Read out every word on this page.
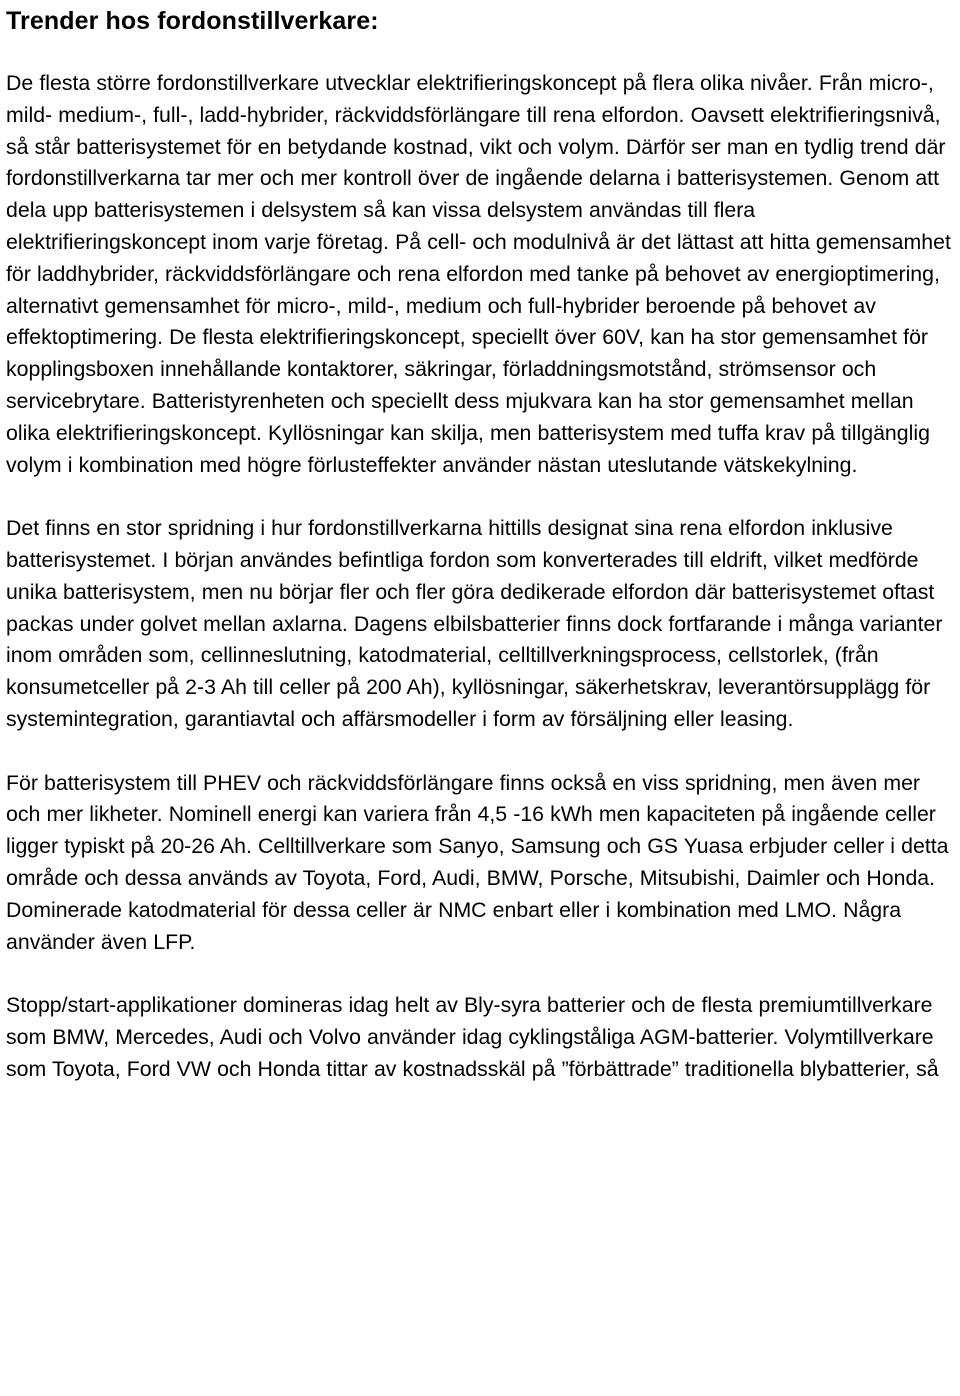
Trender hos fordonstillverkare:

De flesta större fordonstillverkare utvecklar elektrifieringskoncept på flera olika nivåer. Från micro-, mild- medium-, full-, ladd-hybrider, räckviddsförlängare till rena elfordon. Oavsett elektrifieringsnivå, så står batterisystemet för en betydande kostnad, vikt och volym. Därför ser man en tydlig trend där fordonstillverkarna tar mer och mer kontroll över de ingående delarna i batterisystemen. Genom att dela upp batterisystemen i delsystem så kan vissa delsystem användas till flera elektrifieringskoncept inom varje företag. På cell- och modulnivå är det lättast att hitta gemensamhet för laddhybrider, räckviddsförlängare och rena elfordon med tanke på behovet av energioptimering, alternativt gemensamhet för micro-, mild-, medium och full-hybrider beroende på behovet av effektoptimering. De flesta elektrifieringskoncept, speciellt över 60V, kan ha stor gemensamhet för kopplingsboxen innehållande kontaktorer, säkringar, förladdningsmotstånd, strömsensor och servicebrytare. Batteristyrenheten och speciellt dess mjukvara kan ha stor gemensamhet mellan olika elektrifieringskoncept. Kyllösningar kan skilja, men batterisystem med tuffa krav på tillgänglig volym i kombination med högre förlusteffekter använder nästan uteslutande vätskekylning.

Det finns en stor spridning i hur fordonstillverkarna hittills designat sina rena elfordon inklusive batterisystemet. I början användes befintliga fordon som konverterades till eldrift, vilket medförde unika batterisystem, men nu börjar fler och fler göra dedikerade elfordon där batterisystemet oftast packas under golvet mellan axlarna. Dagens elbilsbatterier finns dock fortfarande i många varianter inom områden som, cellinneslutning, katodmaterial, celltillverkningsprocess, cellstorlek, (från konsumetceller på 2-3 Ah till celler på 200 Ah), kyllösningar, säkerhetskrav, leverantörsupplägg för systemintegration, garantiavtal och affärsmodeller i form av försäljning eller leasing.

För batterisystem till PHEV och räckviddsförlängare finns också en viss spridning, men även mer och mer likheter. Nominell energi kan variera från 4,5 -16 kWh men kapaciteten på ingående celler ligger typiskt på 20-26 Ah. Celltillverkare som Sanyo, Samsung och GS Yuasa erbjuder celler i detta område och dessa används av Toyota, Ford, Audi, BMW, Porsche, Mitsubishi, Daimler och Honda. Dominerade katodmaterial för dessa celler är NMC enbart eller i kombination med LMO. Några använder även LFP.

Stopp/start-applikationer domineras idag helt av Bly-syra batterier och de flesta premiumtillverkare som BMW, Mercedes, Audi och Volvo använder idag cyklingståliga AGM-batterier. Volymtillverkare som Toyota, Ford VW och Honda tittar av kostnadsskäl på ”förbättrade” traditionella blybatterier, så
